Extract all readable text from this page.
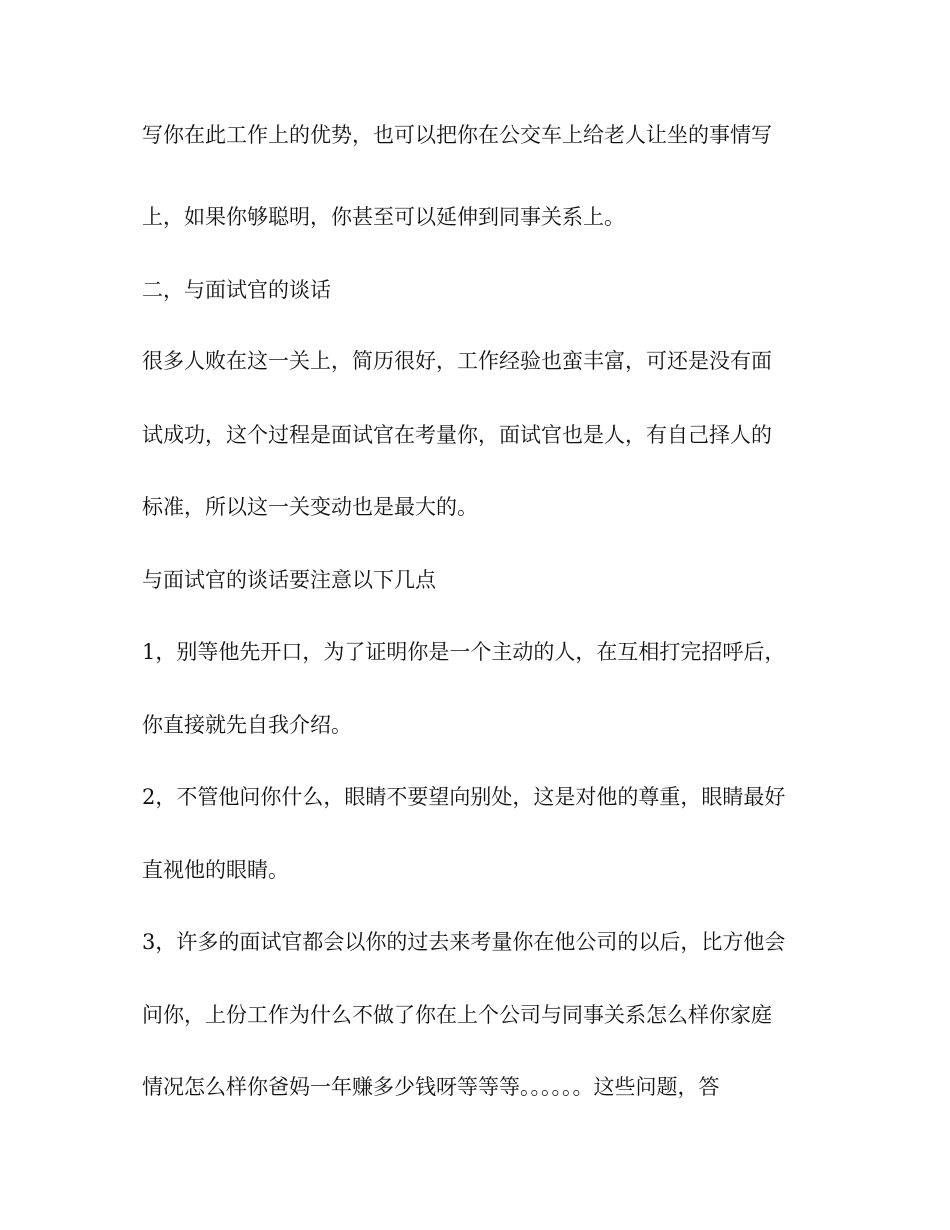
写你在此工作上的优势，也可以把你在公交车上给老人让坐的事情写
上，如果你够聪明，你甚至可以延伸到同事关系上。
二，与面试官的谈话
很多人败在这一关上，简历很好，工作经验也蛮丰富，可还是没有面
试成功，这个过程是面试官在考量你，面试官也是人，有自己择人的
标准，所以这一关变动也是最大的。
与面试官的谈话要注意以下几点
1，别等他先开口，为了证明你是一个主动的人，在互相打完招呼后，
你直接就先自我介绍。
2，不管他问你什么，眼睛不要望向别处，这是对他的尊重，眼睛最好
直视他的眼睛。
3，许多的面试官都会以你的过去来考量你在他公司的以后，比方他会
问你，上份工作为什么不做了你在上个公司与同事关系怎么样你家庭
情况怎么样你爸妈一年赚多少钱呀等等等。。。。。。这些问题，答
